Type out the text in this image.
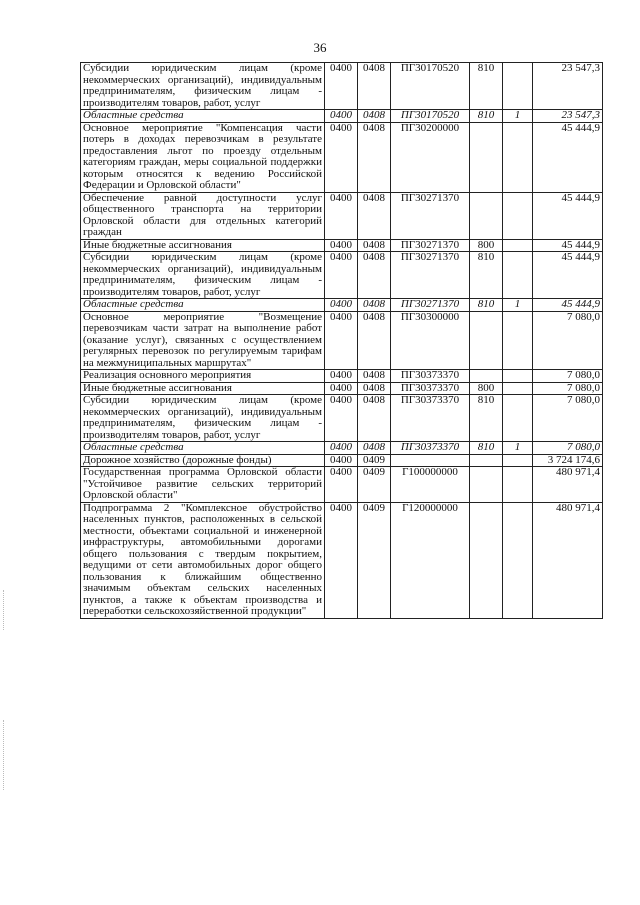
36
Субсидии юридическим лицам (кроме некоммерческих организаций), индивидуальным предпринимателям, физическим лицам - производителям товаров, работ, услуг	0400	0408	ПГ30170520	810		23 547,3
Областные средства	0400	0408	ПГ30170520	810	1	23 547,3
Основное мероприятие "Компенсация части потерь в доходах перевозчикам в результате предоставления льгот по проезду отдельным категориям граждан, меры социальной поддержки которым относятся к ведению Российской Федерации и Орловской области"	0400	0408	ПГ30200000			45 444,9
Обеспечение равной доступности услуг общественного транспорта на территории Орловской области для отдельных категорий граждан	0400	0408	ПГ30271370			45 444,9
Иные бюджетные ассигнования	0400	0408	ПГ30271370	800		45 444,9
Субсидии юридическим лицам (кроме некоммерческих организаций), индивидуальным предпринимателям, физическим лицам - производителям товаров, работ, услуг	0400	0408	ПГ30271370	810		45 444,9
Областные средства	0400	0408	ПГ30271370	810	1	45 444,9
Основное мероприятие "Возмещение перевозчикам части затрат на выполнение работ (оказание услуг), связанных с осуществлением регулярных перевозок по регулируемым тарифам на межмуниципальных маршрутах"	0400	0408	ПГ30300000			7 080,0
Реализация основного мероприятия	0400	0408	ПГ30373370			7 080,0
Иные бюджетные ассигнования	0400	0408	ПГ30373370	800		7 080,0
Субсидии юридическим лицам (кроме некоммерческих организаций), индивидуальным предпринимателям, физическим лицам - производителям товаров, работ, услуг	0400	0408	ПГ30373370	810		7 080,0
Областные средства	0400	0408	ПГ30373370	810	1	7 080,0
Дорожное хозяйство (дорожные фонды)	0400	0409				3 724 174,6
Государственная программа Орловской области "Устойчивое развитие сельских территорий Орловской области"	0400	0409	Г100000000			480 971,4
Подпрограмма 2 "Комплексное обустройство населенных пунктов, расположенных в сельской местности, объектами социальной и инженерной инфраструктуры, автомобильными дорогами общего пользования с твердым покрытием, ведущими от сети автомобильных дорог общего пользования к ближайшим общественно значимым объектам сельских населенных пунктов, а также к объектам производства и переработки сельскохозяйственной продукции"	0400	0409	Г120000000			480 971,4
